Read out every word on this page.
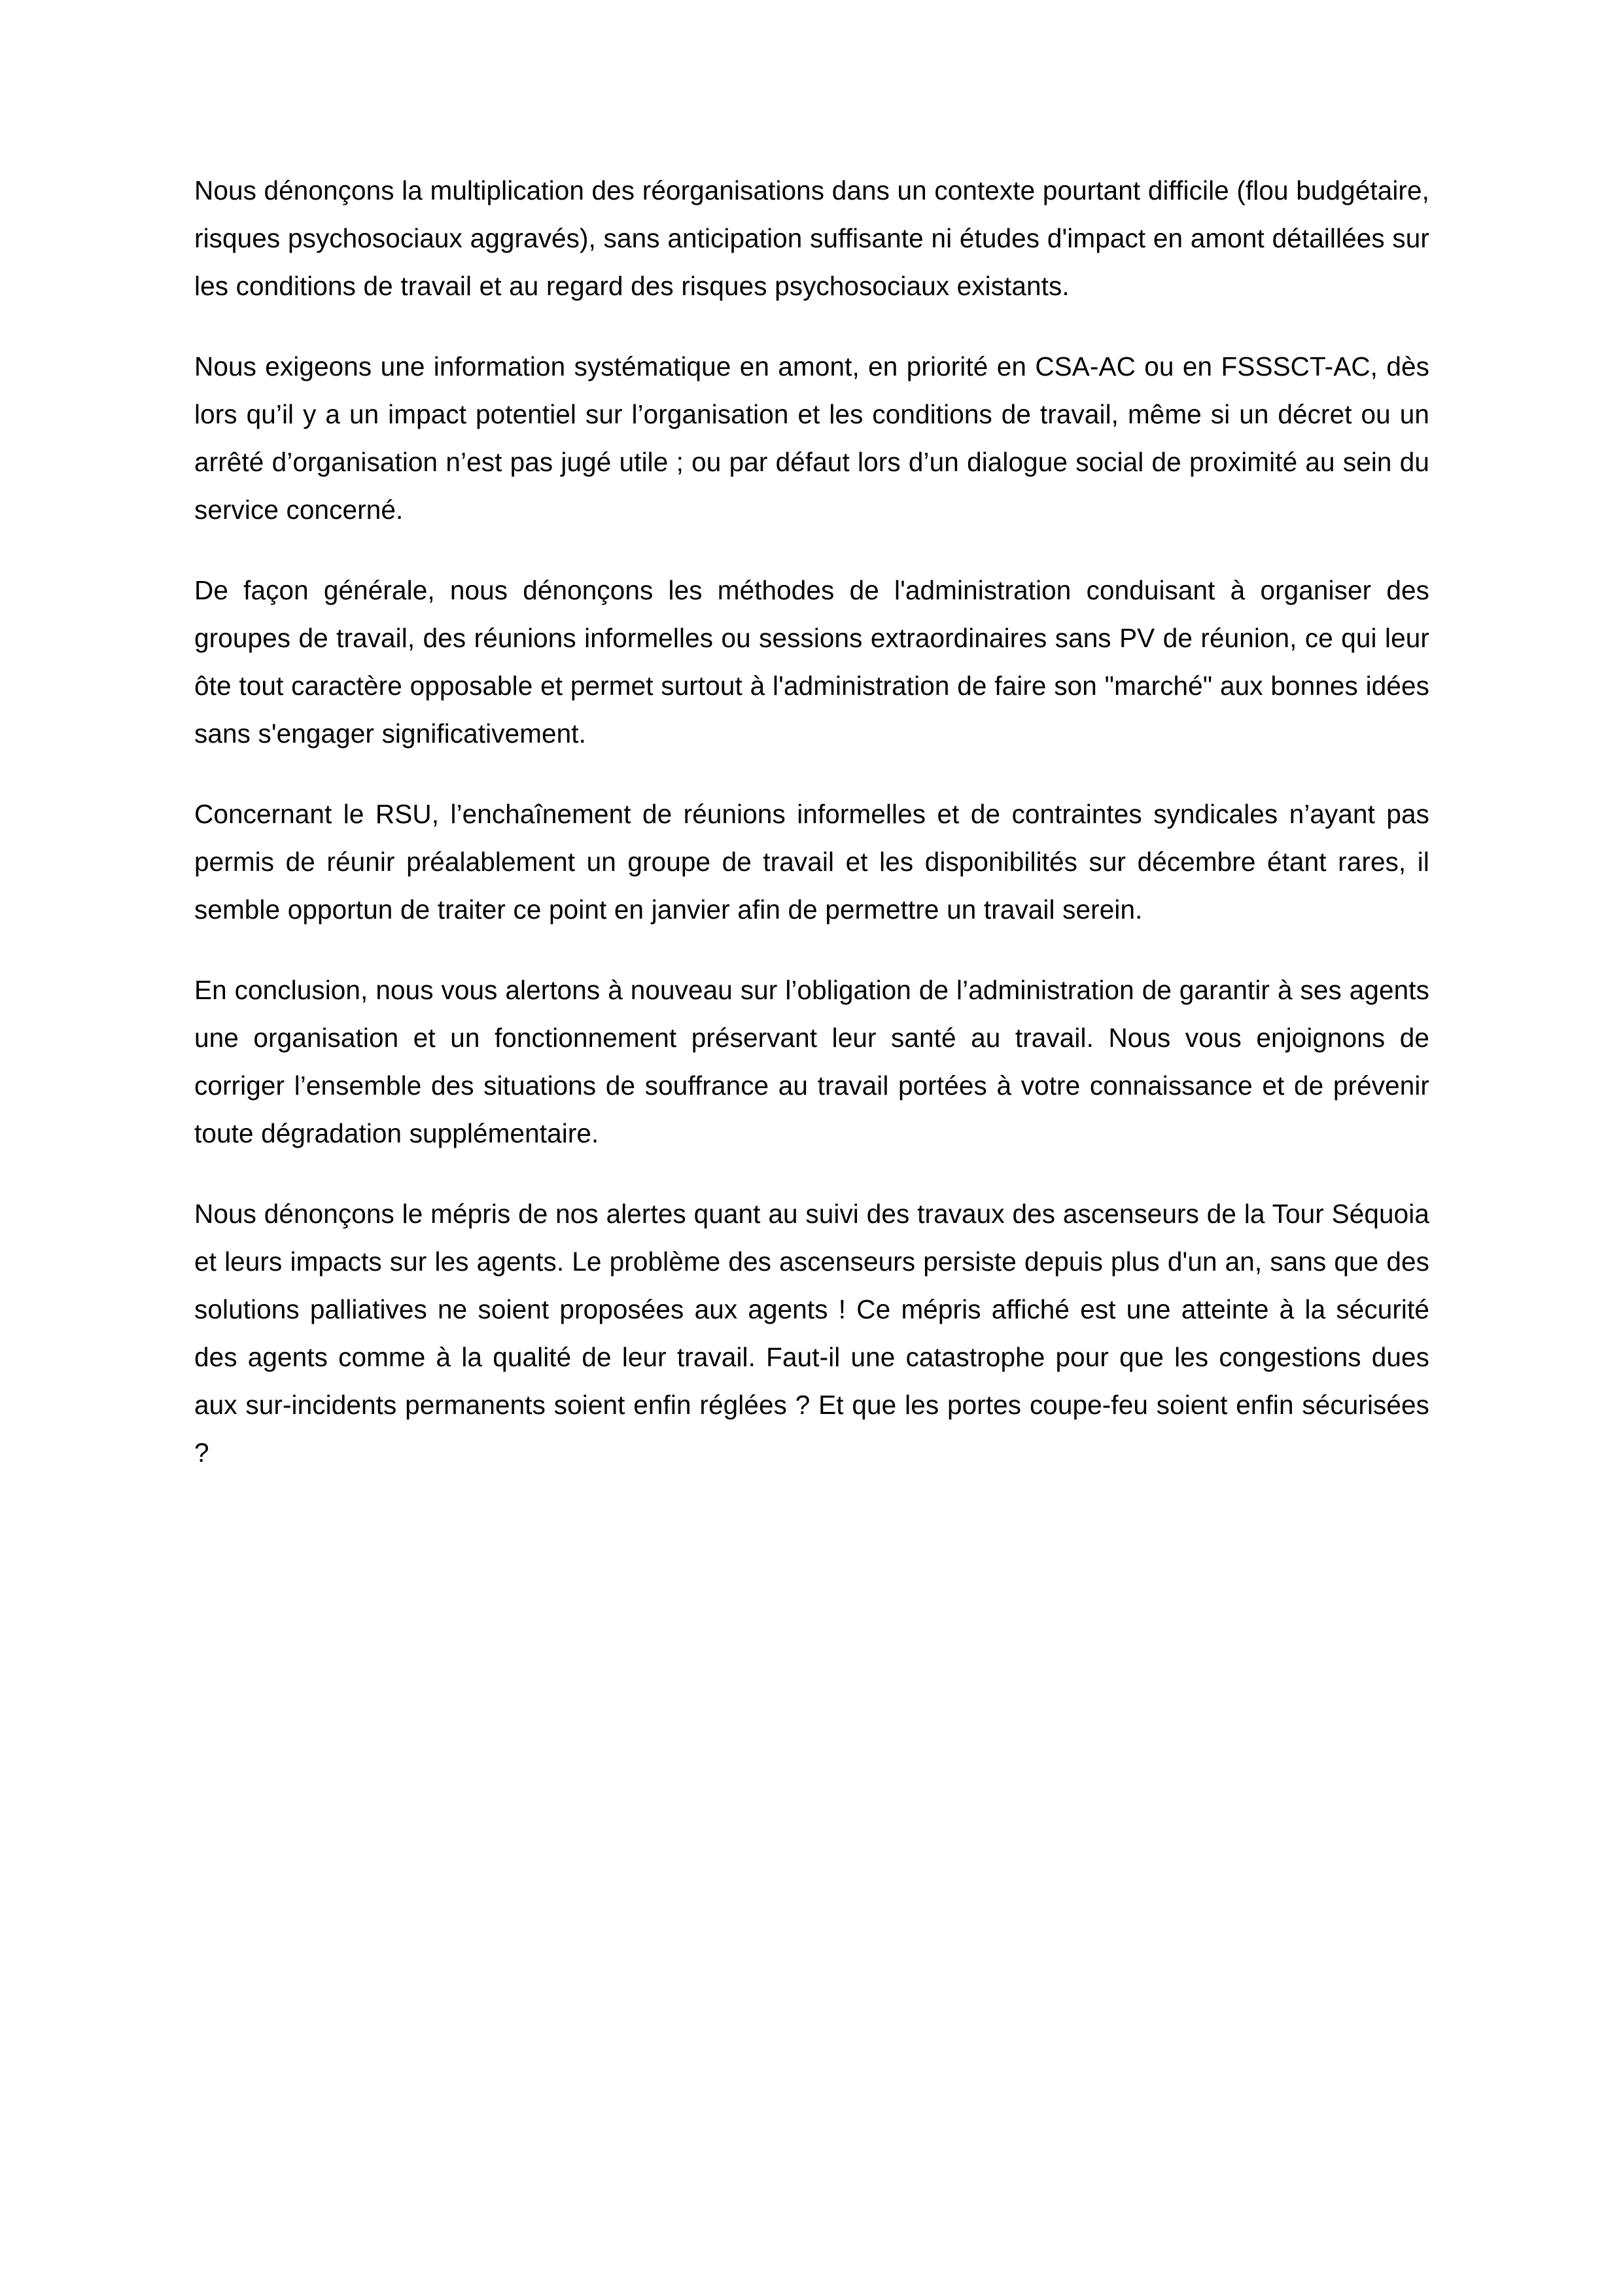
Nous dénonçons la multiplication des réorganisations dans un contexte pourtant difficile (flou budgétaire, risques psychosociaux aggravés), sans anticipation suffisante ni études d'impact en amont détaillées sur les conditions de travail et au regard des risques psychosociaux existants.

Nous exigeons une information systématique en amont, en priorité en CSA-AC ou en FSSSCT-AC, dès lors qu’il y a un impact potentiel sur l’organisation et les conditions de travail, même si un décret ou un arrêté d’organisation n’est pas jugé utile ; ou par défaut lors d’un dialogue social de proximité au sein du service concerné.

De façon générale, nous dénonçons les méthodes de l'administration conduisant à organiser des groupes de travail, des réunions informelles ou sessions extraordinaires sans PV de réunion, ce qui leur ôte tout caractère opposable et permet surtout à l'administration de faire son "marché" aux bonnes idées sans s'engager significativement.

Concernant le RSU, l’enchaînement de réunions informelles et de contraintes syndicales n’ayant pas permis de réunir préalablement un groupe de travail et les disponibilités sur décembre étant rares, il semble opportun de traiter ce point en janvier afin de permettre un travail serein.

En conclusion, nous vous alertons à nouveau sur l’obligation de l’administration de garantir à ses agents une organisation et un fonctionnement préservant leur santé au travail. Nous vous enjoignons de corriger l’ensemble des situations de souffrance au travail portées à votre connaissance et de prévenir toute dégradation supplémentaire.

Nous dénonçons le mépris de nos alertes quant au suivi des travaux des ascenseurs de la Tour Séquoia et leurs impacts sur les agents. Le problème des ascenseurs persiste depuis plus d'un an, sans que des solutions palliatives ne soient proposées aux agents ! Ce mépris affiché est une atteinte à la sécurité des agents comme à la qualité de leur travail. Faut-il une catastrophe pour que les congestions dues aux sur-incidents permanents soient enfin réglées ? Et que les portes coupe-feu soient enfin sécurisées ?
